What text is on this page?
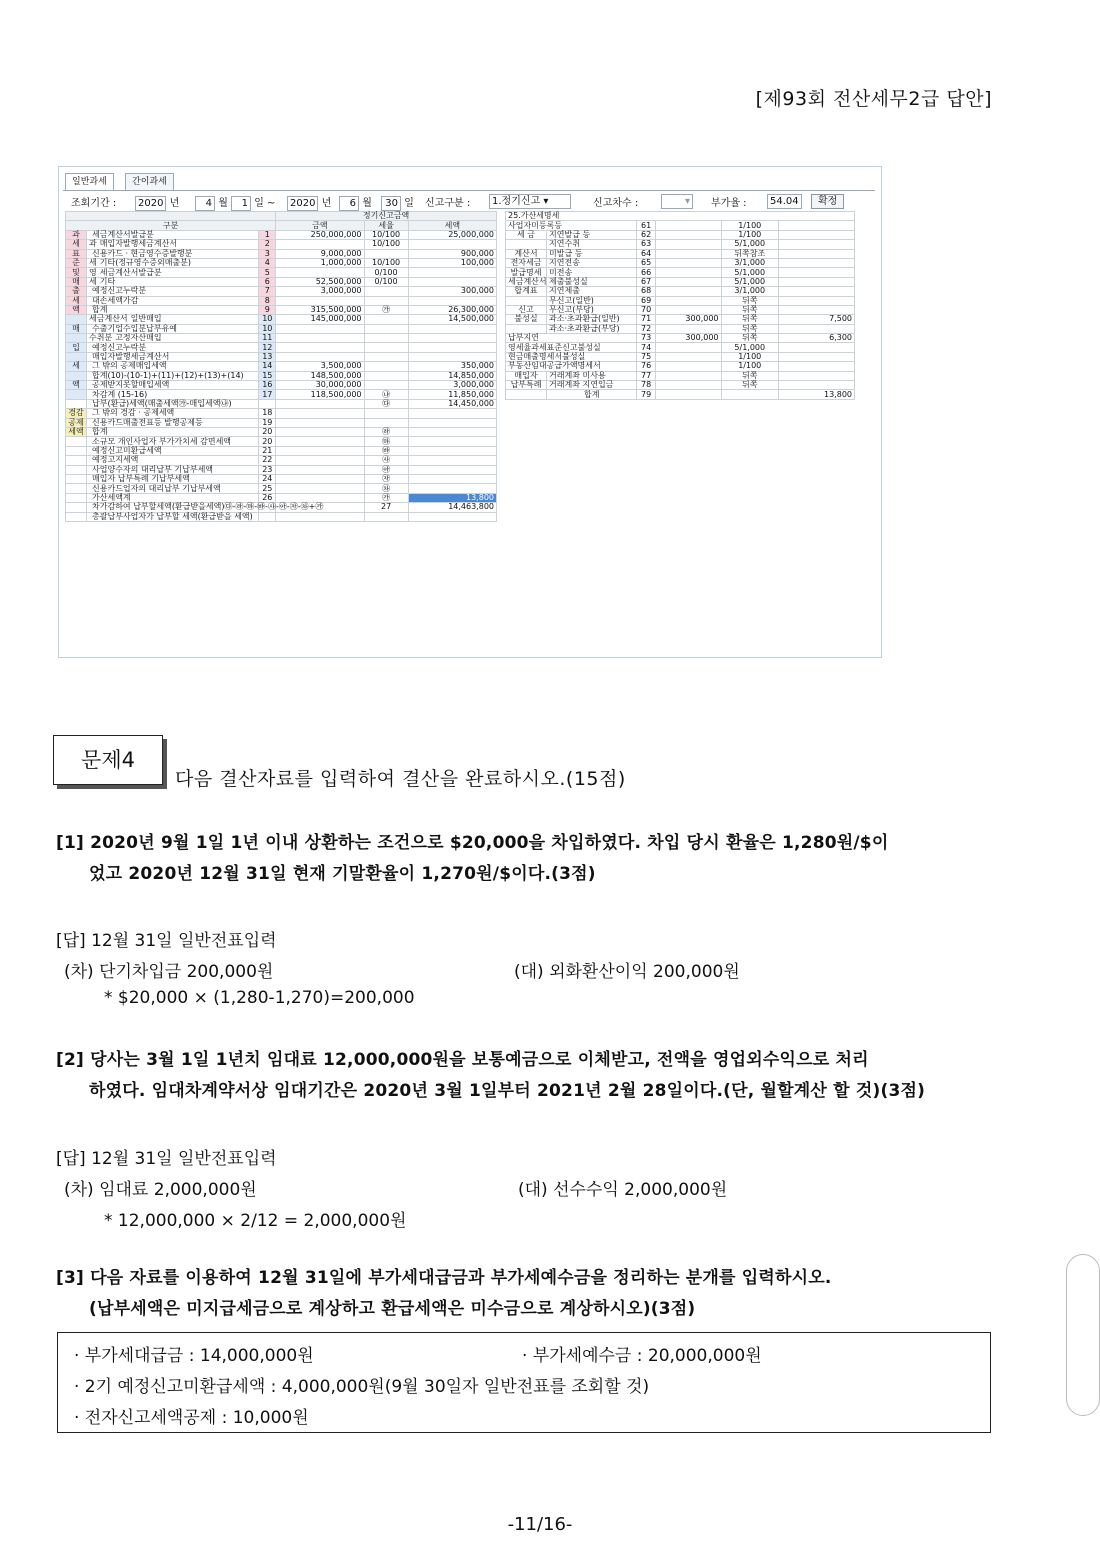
[제93회 전산세무2급 답안]
일반과세	간이과세
조회기간 :	2020 년	4 월	1 일 ~	2020 년	6 월	30 일 신고구분 :	1.정기신고 ▾	신고차수 :	▾	부가율 :	54.04	확정
			정기신고금액		
구분			금액	세율	세액
과	세금계산서발급분	1	250,000,000	10/100	25,000,000
세	과 매입자발행세금계산서	2		10/100	
표	신용카드 · 현금영수증발행분	3	9,000,000		900,000
준	세 기타(정규영수증외매출분)	4	1,000,000	10/100	100,000
및	영 세금계산서발급분	5		0/100	
매	세 기타	6	52,500,000	0/100	
출	예정신고누락분	7	3,000,000		300,000
세	대손세액가감	8			
액	합계	9	315,500,000	㉮	26,300,000
	세금계산서 일반매입	10	145,000,000		14,500,000
매	수출기업수입분납부유예	10			
	수취분 고정자산매입	11			
입	예정신고누락분	12			
	매입자발행세금계산서	13			
세	그 밖의 공제매입세액	14	3,500,000		350,000
	합계(10)-(10-1)+(11)+(12)+(13)+(14)	15	148,500,000		14,850,000
액	공제받지못할매입세액	16	30,000,000		3,000,000
	차감계 (15-16)	17	118,500,000	㉯	11,850,000
	납부(환급)세액(매출세액㉮-매입세액㉯)			㉰	14,450,000
경감	그 밖의 경감 · 공제세액	18			
공제	신용카드매출전표등 발행공제등	19			
세액	합계	20		㉱	
	소규모 개인사업자 부가가치세 감면세액	20		㉲	
	예정신고미환급세액	21		㉳	
	예정고지세액	22		㉴	
	사업양수자의 대리납부 기납부세액	23		㉵	
	매입자 납부특례 기납부세액	24		㉶	
	신용카드업자의 대리납부 기납부세액	25		㉷	
	가산세액계	26		㉸	13,800
	차가감하여 납부할세액(환급받을세액)㉰-㉱-㉲-㉳-㉴-㉵-㉶-㉷+㉸			27	14,463,800
	총괄납부사업자가 납부할 세액(환급받을 세액)				
25.가산세명세					
사업자미등록등		61		1/100	
세 금	지연발급 등	62		1/100	
	지연수취	63		5/1,000	
계산서	미발급 등	64		뒤쪽참조	
전자세금	지연전송	65		3/1,000	
발급명세	미전송	66		5/1,000	
세금계산서	제출불성실	67		5/1,000	
합계표	지연제출	68		3/1,000	
	무신고(일반)	69		뒤쪽	
신고	무신고(부당)	70		뒤쪽	
불성실	과소·초과환급(일반)	71	300,000	뒤쪽	7,500
	과소·초과환급(부당)	72		뒤쪽	
납부지연		73	300,000	뒤쪽	6,300
영세율과세표준신고불성실		74		5/1,000	
현금매출명세서불성실		75		1/100	
부동산임대공급가액명세서		76		1/100	
매입자	거래계좌 미사용	77		뒤쪽	
납부특례	거래계좌 지연입금	78		뒤쪽	
	합계	79			13,800
문제4
다음 결산자료를 입력하여 결산을 완료하시오.(15점)
[1] 2020년 9월 1일 1년 이내 상환하는 조건으로 $20,000을 차입하였다. 차입 당시 환율은 1,280원/$이
었고 2020년 12월 31일 현재 기말환율이 1,270원/$이다.(3점)
[답] 12월 31일 일반전표입력
(차) 단기차입금 200,000원	(대) 외화환산이익 200,000원
* $20,000 × (1,280-1,270)=200,000
[2] 당사는 3월 1일 1년치 임대료 12,000,000원을 보통예금으로 이체받고, 전액을 영업외수익으로 처리
하였다. 임대차계약서상 임대기간은 2020년 3월 1일부터 2021년 2월 28일이다.(단, 월할계산 할 것)(3점)
[답] 12월 31일 일반전표입력
(차) 임대료 2,000,000원	(대) 선수수익 2,000,000원
* 12,000,000 × 2/12 = 2,000,000원
[3] 다음 자료를 이용하여 12월 31일에 부가세대급금과 부가세예수금을 정리하는 분개를 입력하시오.
(납부세액은 미지급세금으로 계상하고 환급세액은 미수금으로 계상하시오)(3점)
· 부가세대급금 : 14,000,000원	· 부가세예수금 : 20,000,000원
· 2기 예정신고미환급세액 : 4,000,000원(9월 30일자 일반전표를 조회할 것)
· 전자신고세액공제 : 10,000원
-11/16-
